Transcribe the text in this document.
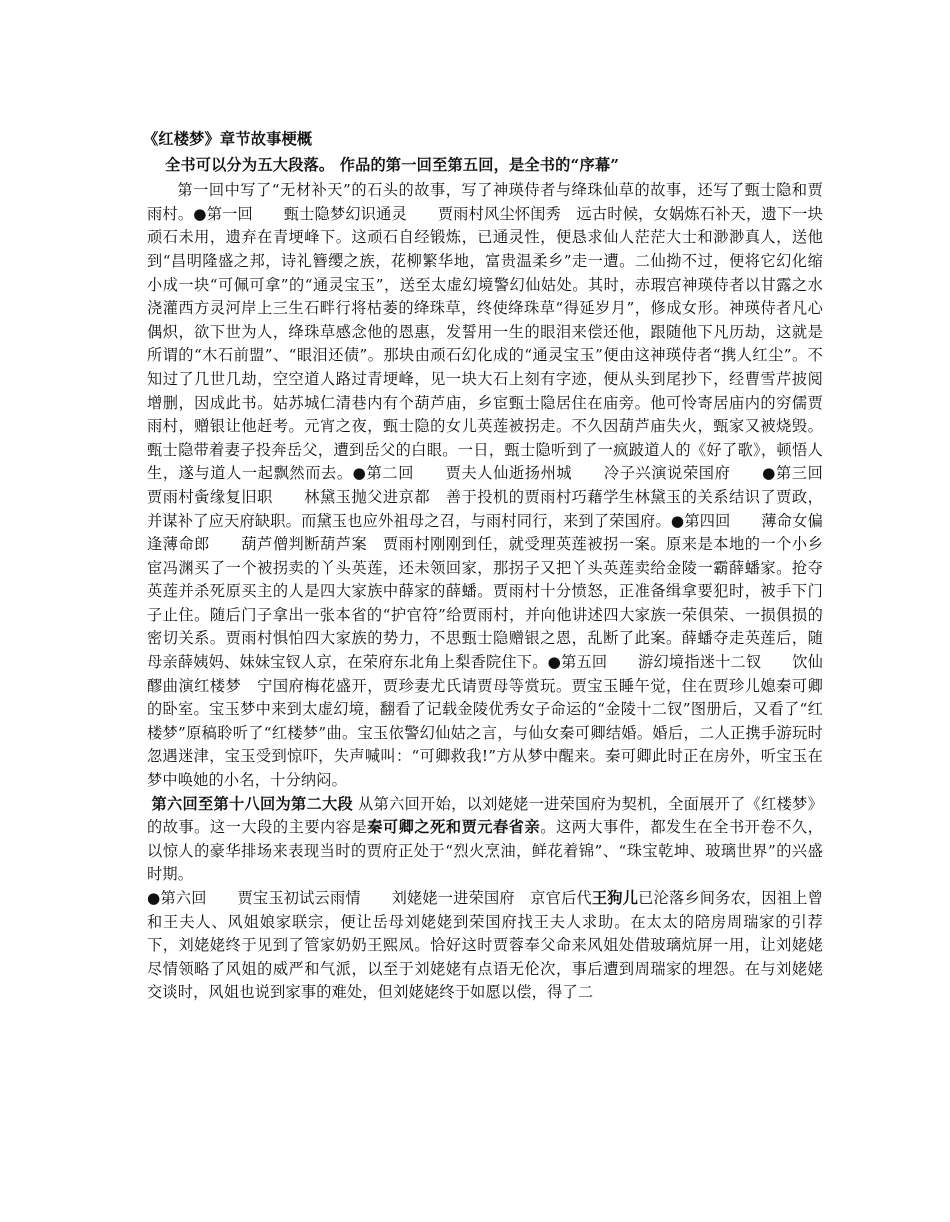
《红楼梦》章节故事梗概
全书可以分为五大段落。 作品的第一回至第五回，是全书的“序幕”

第一回中写了“无材补天”的石头的故事，写了神瑛侍者与绛珠仙草的故事，还写了甄士隐和贾雨村。●第一回　　甄士隐梦幻识通灵　　贾雨村风尘怀闺秀　远古时候，女娲炼石补天，遗下一块顽石未用，遗弃在青埂峰下。这顽石自经锻炼，已通灵性，便恳求仙人茫茫大士和渺渺真人，送他到“昌明隆盛之邦，诗礼簪缨之族，花柳繁华地，富贵温柔乡”走一遭。二仙拗不过，便将它幻化缩小成一块“可佩可拿”的“通灵宝玉”，送至太虚幻境警幻仙姑处。其时，赤瑕宫神瑛侍者以甘露之水浇灌西方灵河岸上三生石畔行将枯萎的绛珠草，终使绛珠草“得延岁月”，修成女形。神瑛侍者凡心偶炽，欲下世为人，绛珠草感念他的恩惠，发誓用一生的眼泪来偿还他，跟随他下凡历劫，这就是所谓的“木石前盟”、“眼泪还债”。那块由顽石幻化成的“通灵宝玉”便由这神瑛侍者“携人红尘”。不知过了几世几劫，空空道人路过青埂峰，见一块大石上刻有字迹，便从头到尾抄下，经曹雪芹披阅增删，因成此书。姑苏城仁清巷内有个葫芦庙，乡宦甄士隐居住在庙旁。他可怜寄居庙内的穷儒贾雨村，赠银让他赶考。元宵之夜，甄士隐的女儿英莲被拐走。不久因葫芦庙失火，甄家又被烧毁。甄士隐带着妻子投奔岳父，遭到岳父的白眼。一日，甄士隐听到了一疯跛道人的《好了歌》，顿悟人生，遂与道人一起飘然而去。●第二回　　贾夫人仙逝扬州城　　冷子兴演说荣国府　　●第三回　　贾雨村夤缘复旧职　　林黛玉抛父进京都　善于投机的贾雨村巧藉学生林黛玉的关系结识了贾政，并谋补了应天府缺职。而黛玉也应外祖母之召，与雨村同行，来到了荣国府。●第四回　　薄命女偏逢薄命郎　　葫芦僧判断葫芦案　贾雨村刚刚到任，就受理英莲被拐一案。原来是本地的一个小乡宦冯渊买了一个被拐卖的丫头英莲，还未领回家，那拐子又把丫头英莲卖给金陵一霸薛蟠家。抢夺英莲并杀死原买主的人是四大家族中薛家的薛蟠。贾雨村十分愤怒，正准备缉拿要犯时，被手下门子止住。随后门子拿出一张本省的“护官符”给贾雨村，并向他讲述四大家族一荣俱荣、一损俱损的密切关系。贾雨村惧怕四大家族的势力，不思甄士隐赠银之恩，乱断了此案。薛蟠夺走英莲后，随母亲薛姨妈、妹妹宝钗人京，在荣府东北角上梨香院住下。●第五回　　游幻境指迷十二钗　　饮仙醪曲演红楼梦　宁国府梅花盛开，贾珍妻尤氏请贾母等赏玩。贾宝玉睡午觉，住在贾珍儿媳秦可卿的卧室。宝玉梦中来到太虚幻境，翻看了记载金陵优秀女子命运的“金陵十二钗”图册后，又看了“红楼梦”原稿聆听了“红楼梦”曲。宝玉依警幻仙姑之言，与仙女秦可卿结婚。婚后，二人正携手游玩时忽遇迷津，宝玉受到惊吓，失声喊叫：“可卿救我!”方从梦中醒来。秦可卿此时正在房外，听宝玉在梦中唤她的小名，十分纳闷。

第六回至第十八回为第二大段 从第六回开始，以刘姥姥一进荣国府为契机，全面展开了《红楼梦》的故事。这一大段的主要内容是秦可卿之死和贾元春省亲。这两大事件，都发生在全书开卷不久，以惊人的豪华排场来表现当时的贾府正处于“烈火烹油，鲜花着锦”、“珠宝乾坤、玻璃世界”的兴盛时期。

●第六回　　贾宝玉初试云雨情　　刘姥姥一进荣国府　京官后代王狗儿已沦落乡间务农，因祖上曾和王夫人、风姐娘家联宗，便让岳母刘姥姥到荣国府找王夫人求助。在太太的陪房周瑞家的引荐下，刘姥姥终于见到了管家奶奶王熙凤。恰好这时贾蓉奉父命来风姐处借玻璃炕屏一用，让刘姥姥尽情领略了风姐的威严和气派，以至于刘姥姥有点语无伦次，事后遭到周瑞家的埋怨。在与刘姥姥交谈时，风姐也说到家事的难处，但刘姥姥终于如愿以偿，得了二
